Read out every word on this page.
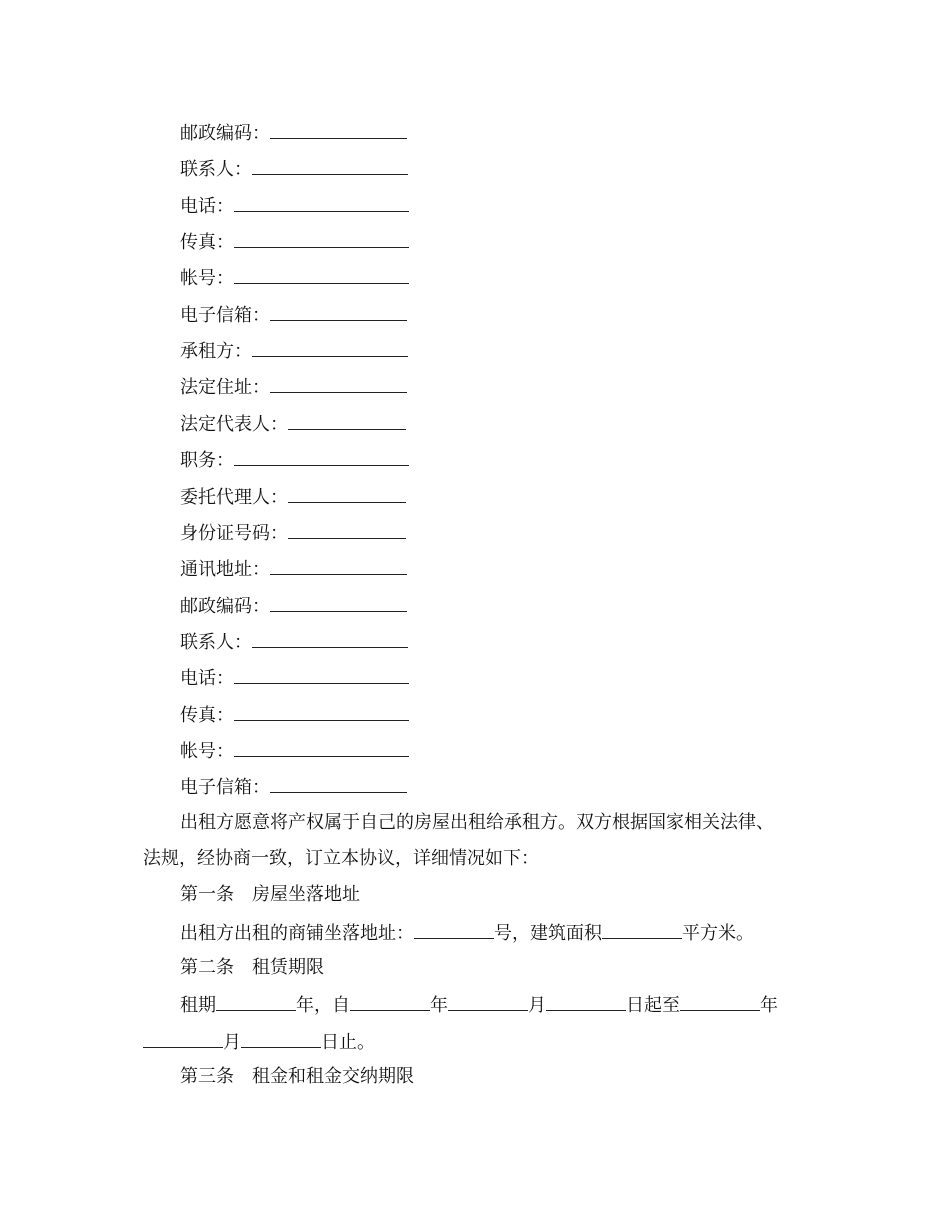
邮政编码：
联系人：
电话：
传真：
帐号：
电子信箱：
承租方：
法定住址：
法定代表人：
职务：
委托代理人：
身份证号码：
通讯地址：
邮政编码：
联系人：
电话：
传真：
帐号：
电子信箱：
出租方愿意将产权属于自己的房屋出租给承租方。双方根据国家相关法律、
法规，经协商一致，订立本协议，详细情况如下：
第一条 房屋坐落地址
出租方出租的商铺坐落地址：	号，建筑面积	平方米。
第二条 租赁期限
租期	年，自	年	月	日起至	年
月	日止。
第三条 租金和租金交纳期限
